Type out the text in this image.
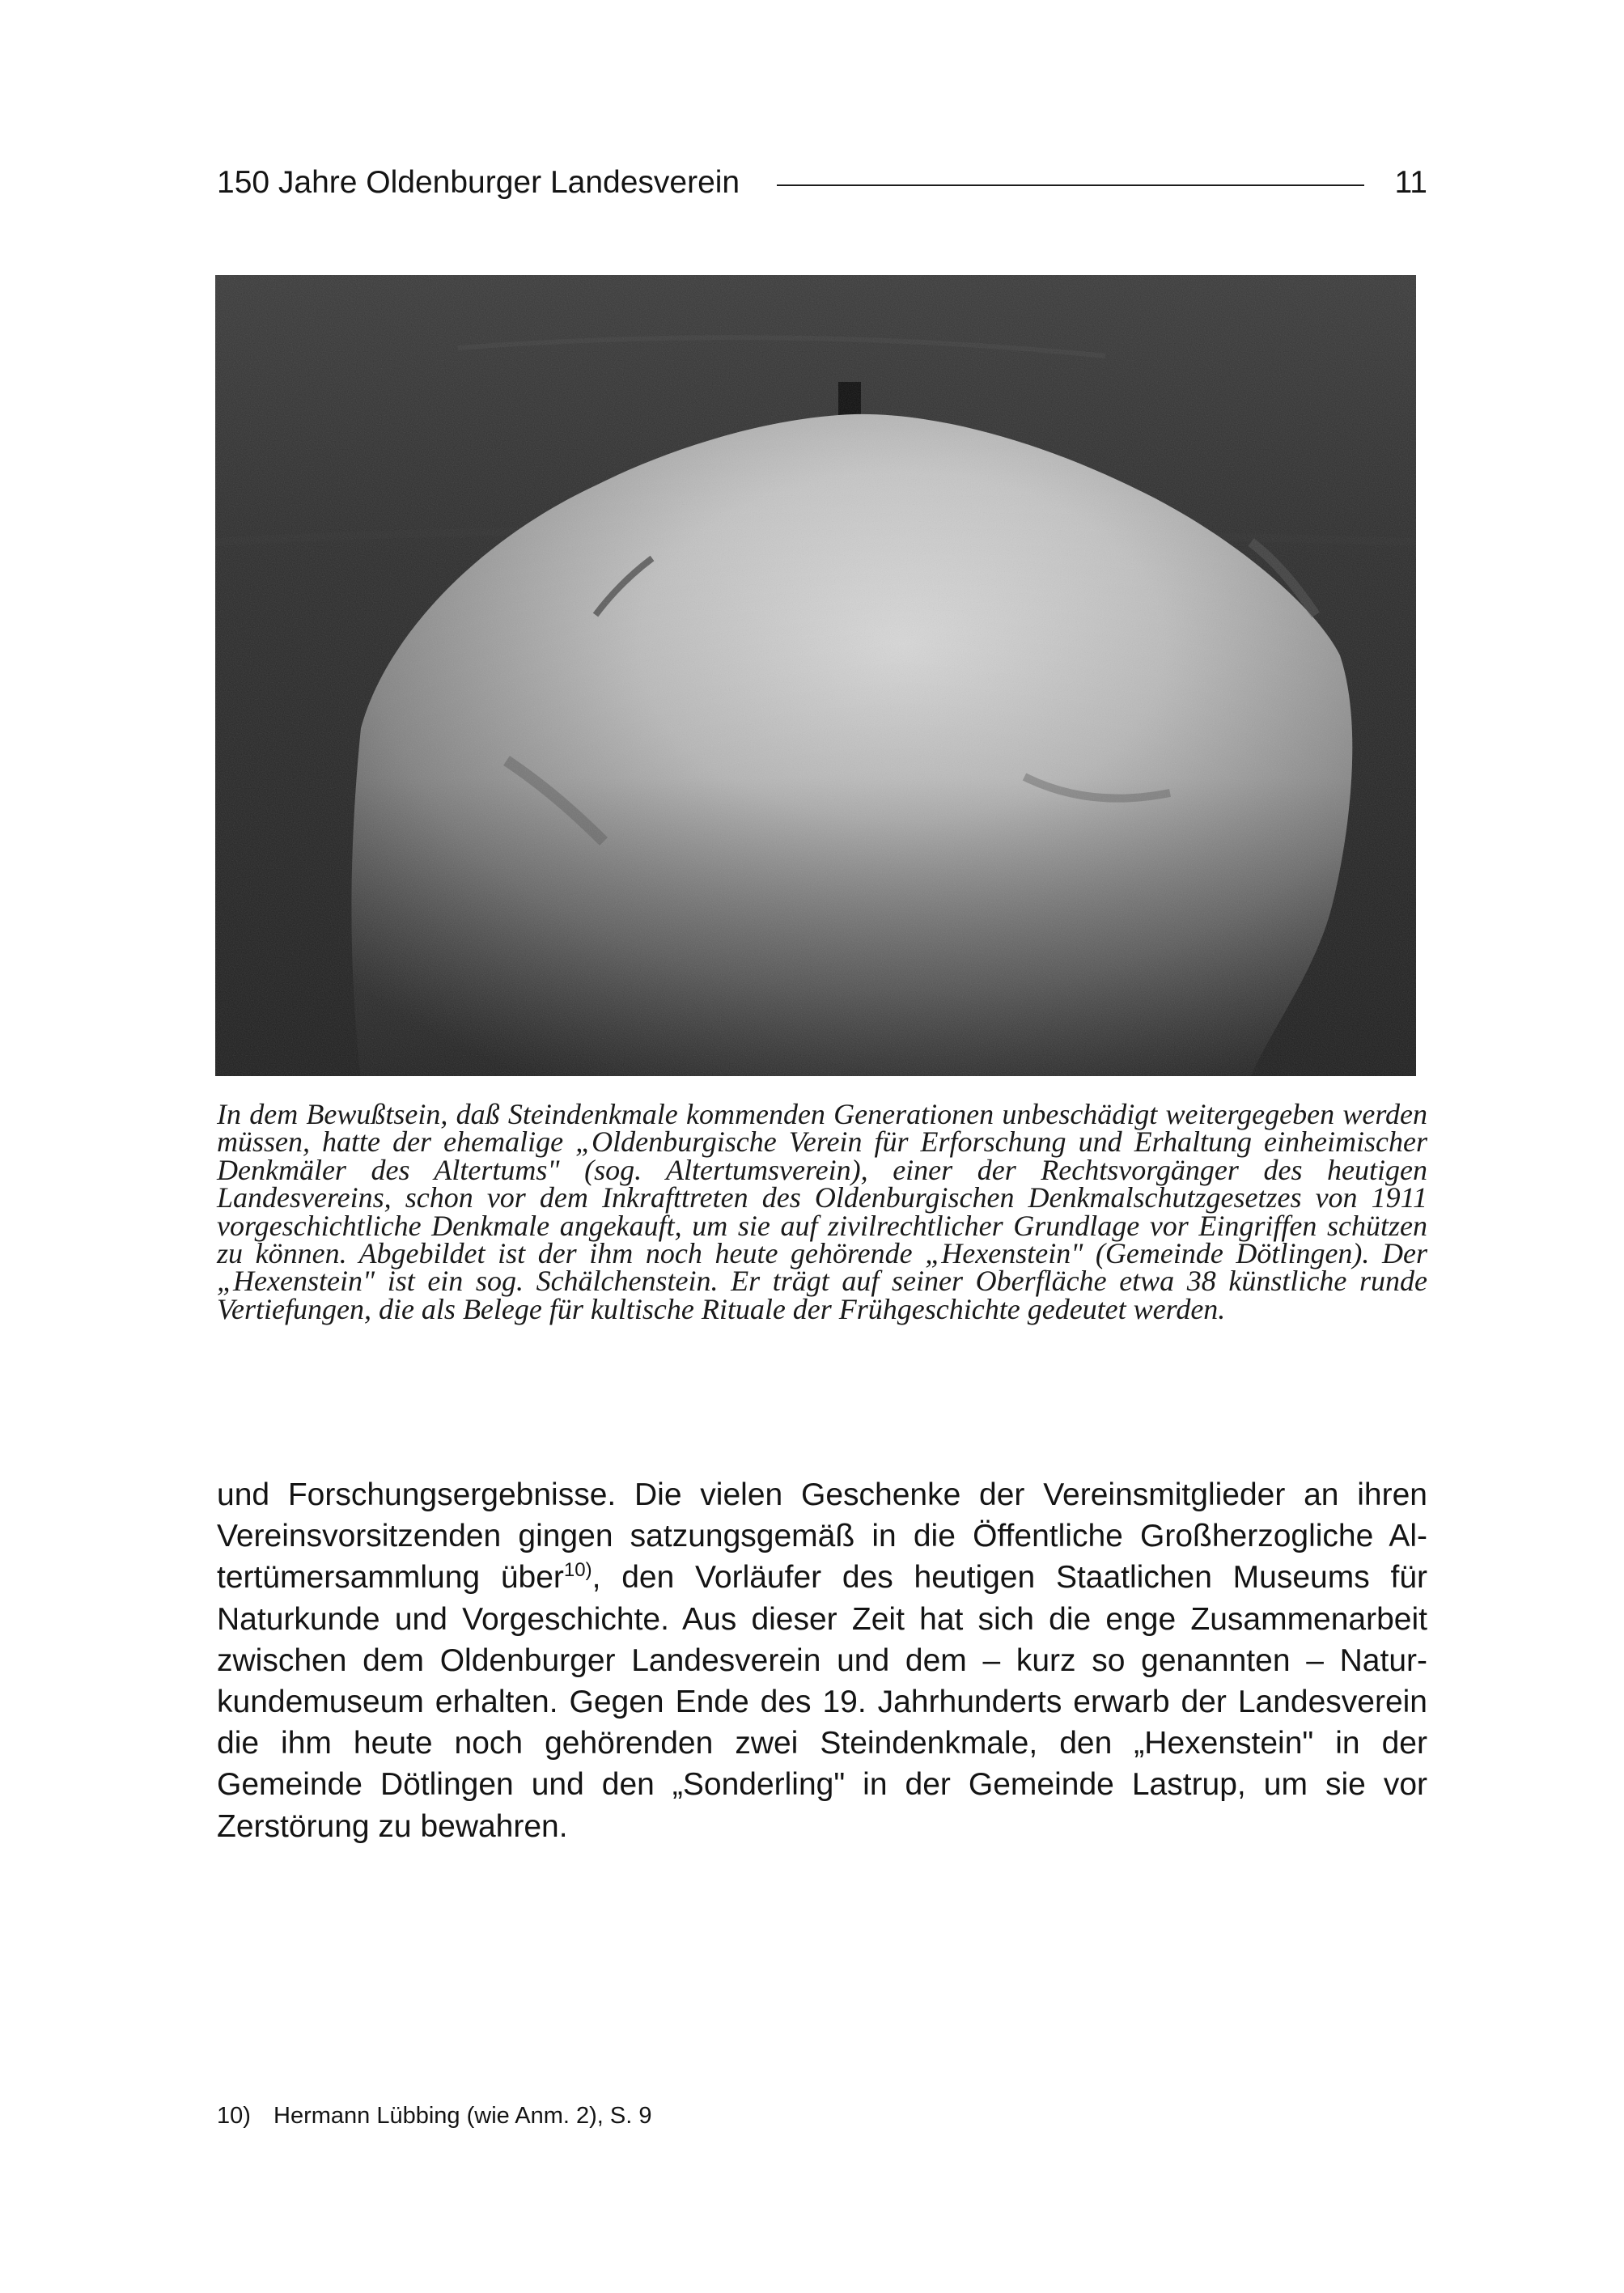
150 Jahre Oldenburger Landesverein	11

In dem Bewußtsein, daß Steindenkmale kommenden Generationen unbeschädigt weitergegeben werden müssen, hatte der ehemalige „Oldenburgische Verein für Erforschung und Erhaltung einheimischer Denkmäler des Altertums" (sog. Altertumsverein), einer der Rechtsvorgänger des heutigen Landesvereins, schon vor dem Inkrafttreten des Oldenburgischen Denkmalschutzgesetzes von 1911 vorgeschichtliche Denkmale angekauft, um sie auf zivilrechtlicher Grundlage vor Eingriffen schützen zu können. Abgebildet ist der ihm noch heute gehörende „Hexenstein" (Gemeinde Dötlingen). Der „Hexenstein" ist ein sog. Schälchenstein. Er trägt auf seiner Oberfläche etwa 38 künstliche runde Vertiefungen, die als Belege für kultische Rituale der Frühgeschichte gedeutet werden.

und Forschungsergebnisse. Die vielen Geschenke der Vereinsmitglieder an ihren Vereinsvorsitzenden gingen satzungsgemäß in die Öffentliche Großherzogliche Altertümersammlung über$^{10)}$, den Vorläufer des heutigen Staatlichen Museums für Naturkunde und Vorgeschichte. Aus dieser Zeit hat sich die enge Zusammenarbeit zwischen dem Oldenburger Landesverein und dem – kurz so genannten – Naturkundemuseum erhalten. Gegen Ende des 19. Jahrhunderts erwarb der Landesverein die ihm heute noch gehörenden zwei Steindenkmale, den „Hexenstein" in der Gemeinde Dötlingen und den „Sonderling" in der Gemeinde Lastrup, um sie vor Zerstörung zu bewahren.

10) Hermann Lübbing (wie Anm. 2), S. 9
